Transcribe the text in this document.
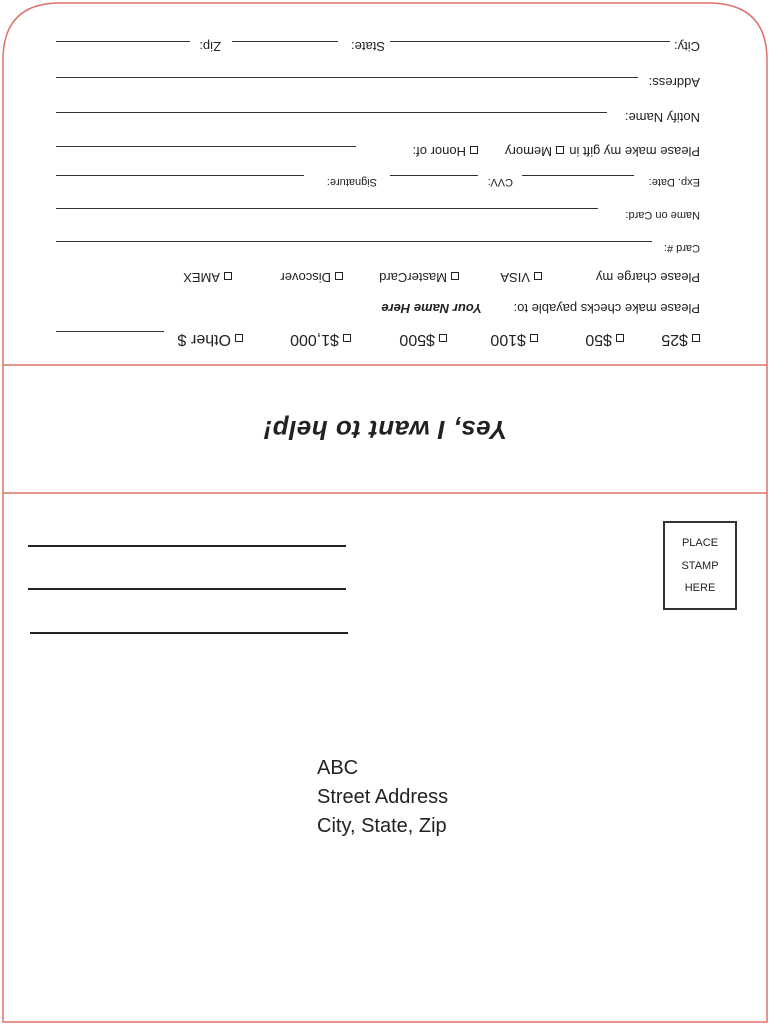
$25
$50
$100
$500
$1,000
Other $
Please make checks payable to:
Your Name Here
Please charge my
VISA
MasterCard
Discover
AMEX
Card #:
Name on Card:
Exp. Date:
CVV:
Signature:
Please make my gift in
Memory
Honor of:
Notify Name:
Address:
City:
State:
Zip:
Yes, I want to help!
PLACE
STAMP
HERE
ABC
Street Address
City, State, Zip
